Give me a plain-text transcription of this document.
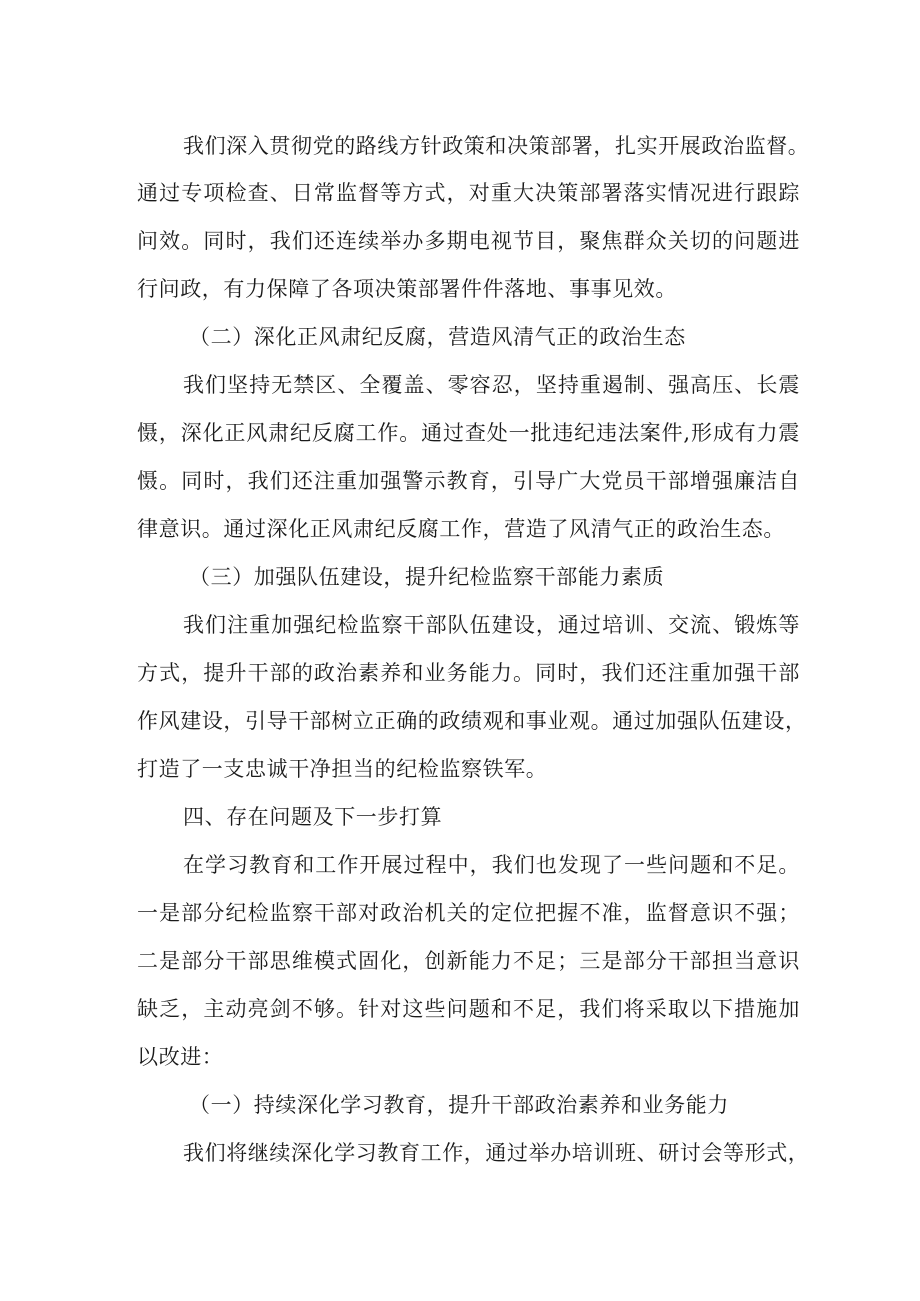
我们深入贯彻党的路线方针政策和决策部署，扎实开展政治监督。
通过专项检查、日常监督等方式，对重大决策部署落实情况进行跟踪
问效。同时，我们还连续举办多期电视节目，聚焦群众关切的问题进
行问政，有力保障了各项决策部署件件落地、事事见效。
（二）深化正风肃纪反腐，营造风清气正的政治生态
我们坚持无禁区、全覆盖、零容忍，坚持重遏制、强高压、长震
慑，深化正风肃纪反腐工作。通过查处一批违纪违法案件,形成有力震
慑。同时，我们还注重加强警示教育，引导广大党员干部增强廉洁自
律意识。通过深化正风肃纪反腐工作，营造了风清气正的政治生态。
（三）加强队伍建设，提升纪检监察干部能力素质
我们注重加强纪检监察干部队伍建设，通过培训、交流、锻炼等
方式，提升干部的政治素养和业务能力。同时，我们还注重加强干部
作风建设，引导干部树立正确的政绩观和事业观。通过加强队伍建设，
打造了一支忠诚干净担当的纪检监察铁军。
四、存在问题及下一步打算
在学习教育和工作开展过程中，我们也发现了一些问题和不足。
一是部分纪检监察干部对政治机关的定位把握不准，监督意识不强；
二是部分干部思维模式固化，创新能力不足；三是部分干部担当意识
缺乏，主动亮剑不够。针对这些问题和不足，我们将采取以下措施加
以改进：
（一）持续深化学习教育，提升干部政治素养和业务能力
我们将继续深化学习教育工作，通过举办培训班、研讨会等形式，
